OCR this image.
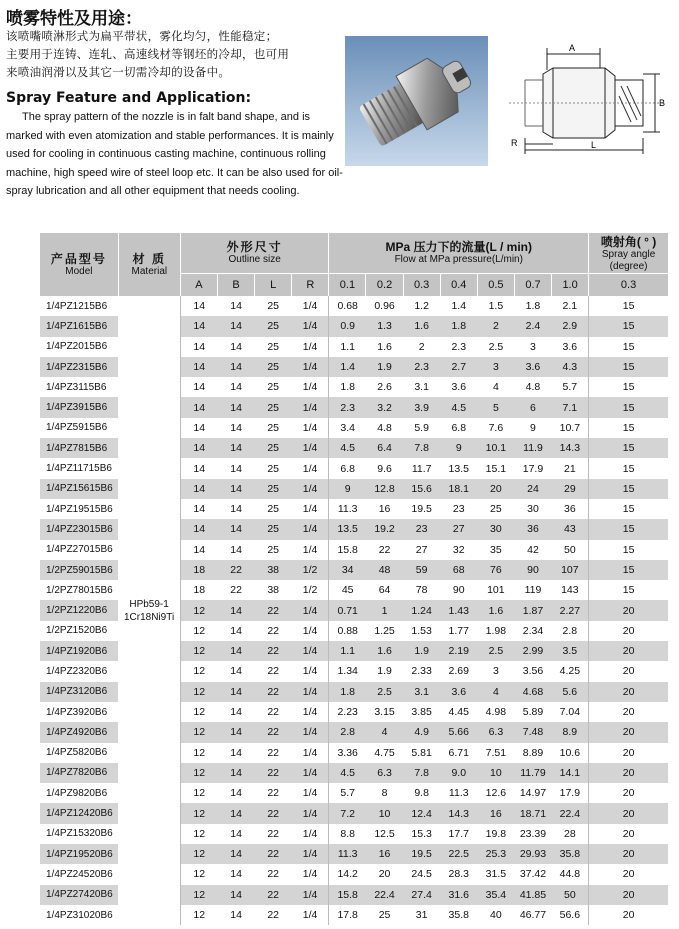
喷雾特性及用途：
该喷嘴喷淋形式为扁平带状，雾化均匀，性能稳定；
主要用于连铸、连轧、高速线材等钢坯的冷却，也可用
来喷油润滑以及其它一切需冷却的设备中。
Spray Feature and Application:
The spray pattern of the nozzle is in falt band shape, and is
marked with even atomization and stable performances. It is mainly
used for cooling in continuous casting machine, continuous rolling
machine, high speed wire of steel loop etc. It can be also used for oil-
spray lubrication and all other equipment that needs cooling.
A
B
R	L
产品型号
Model	材 质
Material	外形尺寸
Outline size				MPa 压力下的流量(L / min)
Flow at MPa pressure(L/min)							喷射角( ° )
Spray angle (degree)

		A	B	L	R	0.1	0.2	0.3	0.4	0.5	0.7	1.0	0.3
1/4PZ1215B6	HPb59-1 1Cr18Ni9Ti	14	14	25	1/4	0.68	0.96	1.2	1.4	1.5	1.8	2.1	15
1/4PZ1615B6		14	14	25	1/4	0.9	1.3	1.6	1.8	2	2.4	2.9	15
1/4PZ2015B6		14	14	25	1/4	1.1	1.6	2	2.3	2.5	3	3.6	15
1/4PZ2315B6		14	14	25	1/4	1.4	1.9	2.3	2.7	3	3.6	4.3	15
1/4PZ3115B6		14	14	25	1/4	1.8	2.6	3.1	3.6	4	4.8	5.7	15
1/4PZ3915B6		14	14	25	1/4	2.3	3.2	3.9	4.5	5	6	7.1	15
1/4PZ5915B6		14	14	25	1/4	3.4	4.8	5.9	6.8	7.6	9	10.7	15
1/4PZ7815B6		14	14	25	1/4	4.5	6.4	7.8	9	10.1	11.9	14.3	15
1/4PZ11715B6		14	14	25	1/4	6.8	9.6	11.7	13.5	15.1	17.9	21	15
1/4PZ15615B6		14	14	25	1/4	9	12.8	15.6	18.1	20	24	29	15
1/4PZ19515B6		14	14	25	1/4	11.3	16	19.5	23	25	30	36	15
1/4PZ23015B6		14	14	25	1/4	13.5	19.2	23	27	30	36	43	15
1/4PZ27015B6		14	14	25	1/4	15.8	22	27	32	35	42	50	15
1/2PZ59015B6		18	22	38	1/2	34	48	59	68	76	90	107	15
1/2PZ78015B6		18	22	38	1/2	45	64	78	90	101	119	143	15
1/2PZ1220B6		12	14	22	1/4	0.71	1	1.24	1.43	1.6	1.87	2.27	20
1/2PZ1520B6		12	14	22	1/4	0.88	1.25	1.53	1.77	1.98	2.34	2.8	20
1/4PZ1920B6		12	14	22	1/4	1.1	1.6	1.9	2.19	2.5	2.99	3.5	20
1/4PZ2320B6		12	14	22	1/4	1.34	1.9	2.33	2.69	3	3.56	4.25	20
1/4PZ3120B6		12	14	22	1/4	1.8	2.5	3.1	3.6	4	4.68	5.6	20
1/4PZ3920B6		12	14	22	1/4	2.23	3.15	3.85	4.45	4.98	5.89	7.04	20
1/4PZ4920B6		12	14	22	1/4	2.8	4	4.9	5.66	6.3	7.48	8.9	20
1/4PZ5820B6		12	14	22	1/4	3.36	4.75	5.81	6.71	7.51	8.89	10.6	20
1/4PZ7820B6		12	14	22	1/4	4.5	6.3	7.8	9.0	10	11.79	14.1	20
1/4PZ9820B6		12	14	22	1/4	5.7	8	9.8	11.3	12.6	14.97	17.9	20
1/4PZ12420B6		12	14	22	1/4	7.2	10	12.4	14.3	16	18.71	22.4	20
1/4PZ15320B6		12	14	22	1/4	8.8	12.5	15.3	17.7	19.8	23.39	28	20
1/4PZ19520B6		12	14	22	1/4	11.3	16	19.5	22.5	25.3	29.93	35.8	20
1/4PZ24520B6		12	14	22	1/4	14.2	20	24.5	28.3	31.5	37.42	44.8	20
1/4PZ27420B6		12	14	22	1/4	15.8	22.4	27.4	31.6	35.4	41.85	50	20
1/4PZ31020B6		12	14	22	1/4	17.8	25	31	35.8	40	46.77	56.6	20
